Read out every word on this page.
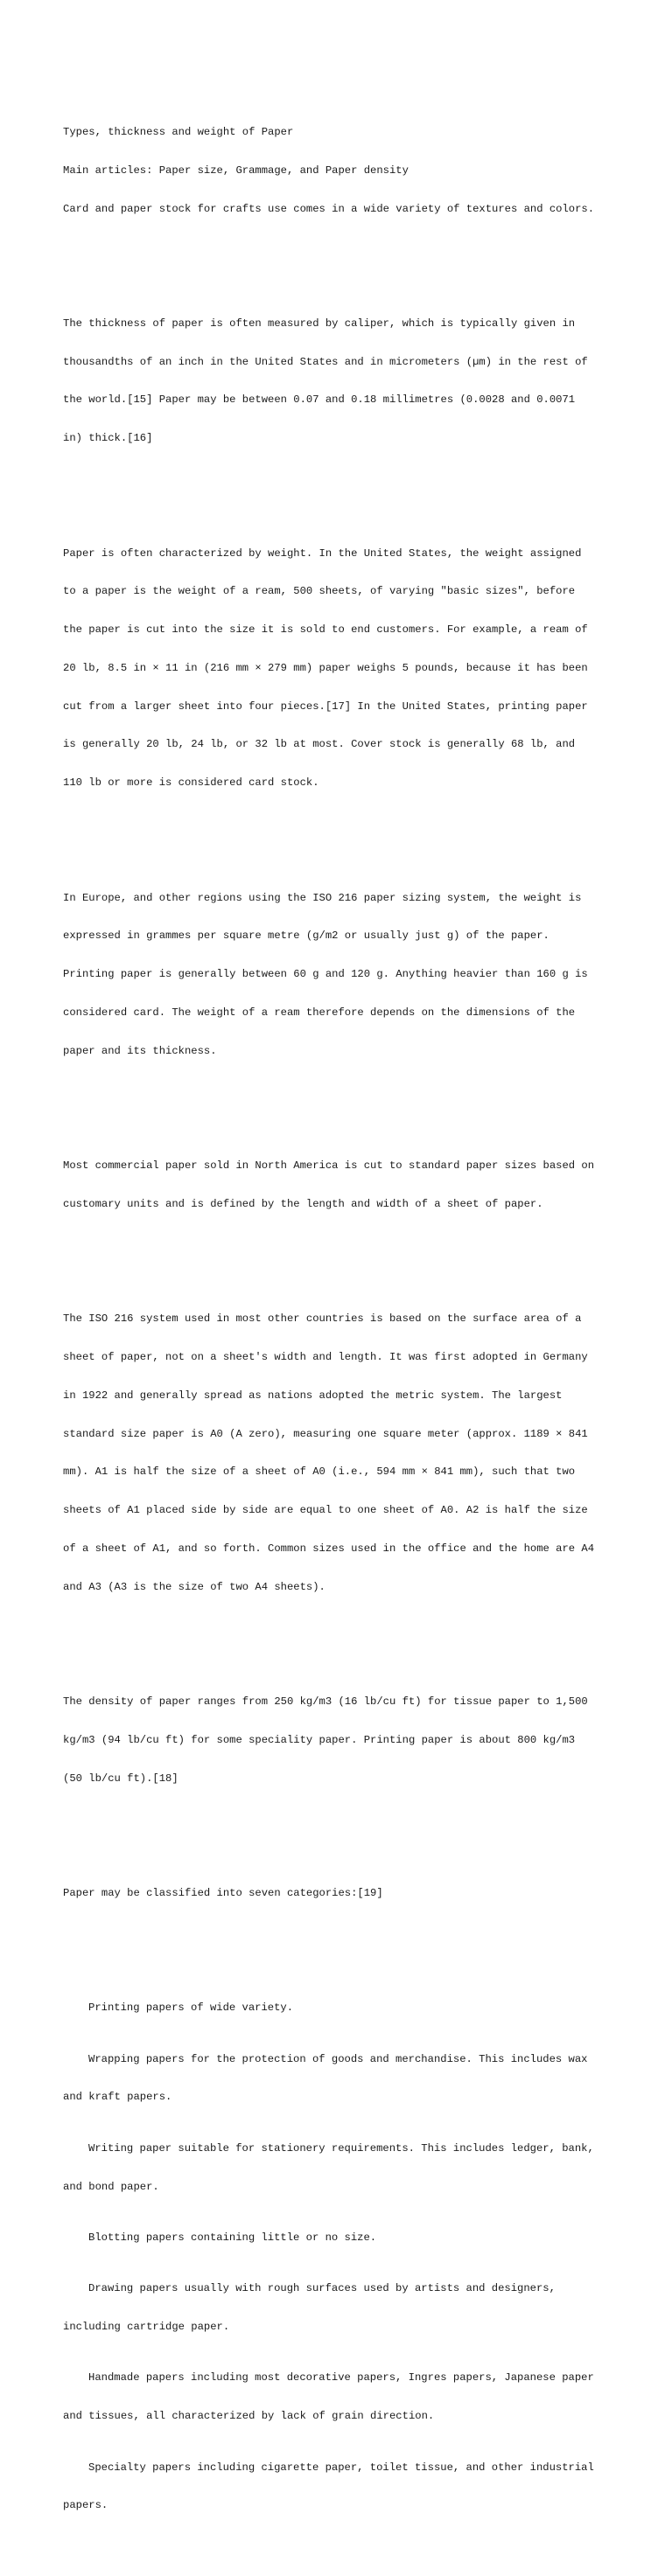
Types, thickness and weight of Paper

Main articles: Paper size, Grammage, and Paper density

Card and paper stock for crafts use comes in a wide variety of textures and colors.

The thickness of paper is often measured by caliper, which is typically given in

thousandths of an inch in the United States and in micrometers (µm) in the rest of

the world.[15] Paper may be between 0.07 and 0.18 millimetres (0.0028 and 0.0071

in) thick.[16]

Paper is often characterized by weight. In the United States, the weight assigned

to a paper is the weight of a ream, 500 sheets, of varying "basic sizes", before

the paper is cut into the size it is sold to end customers. For example, a ream of

20 lb, 8.5 in × 11 in (216 mm × 279 mm) paper weighs 5 pounds, because it has been

cut from a larger sheet into four pieces.[17] In the United States, printing paper

is generally 20 lb, 24 lb, or 32 lb at most. Cover stock is generally 68 lb, and

110 lb or more is considered card stock.

In Europe, and other regions using the ISO 216 paper sizing system, the weight is

expressed in grammes per square metre (g/m2 or usually just g) of the paper.

Printing paper is generally between 60 g and 120 g. Anything heavier than 160 g is

considered card. The weight of a ream therefore depends on the dimensions of the

paper and its thickness.

Most commercial paper sold in North America is cut to standard paper sizes based on

customary units and is defined by the length and width of a sheet of paper.

The ISO 216 system used in most other countries is based on the surface area of a

sheet of paper, not on a sheet's width and length. It was first adopted in Germany

in 1922 and generally spread as nations adopted the metric system. The largest

standard size paper is A0 (A zero), measuring one square meter (approx. 1189 × 841

mm). A1 is half the size of a sheet of A0 (i.e., 594 mm × 841 mm), such that two

sheets of A1 placed side by side are equal to one sheet of A0. A2 is half the size

of a sheet of A1, and so forth. Common sizes used in the office and the home are A4

and A3 (A3 is the size of two A4 sheets).

The density of paper ranges from 250 kg/m3 (16 lb/cu ft) for tissue paper to 1,500

kg/m3 (94 lb/cu ft) for some speciality paper. Printing paper is about 800 kg/m3

(50 lb/cu ft).[18]

Paper may be classified into seven categories:[19]

Printing papers of wide variety.

Wrapping papers for the protection of goods and merchandise. This includes wax

and kraft papers.

Writing paper suitable for stationery requirements. This includes ledger, bank,

and bond paper.

Blotting papers containing little or no size.

Drawing papers usually with rough surfaces used by artists and designers,

including cartridge paper.

Handmade papers including most decorative papers, Ingres papers, Japanese paper

and tissues, all characterized by lack of grain direction.

Specialty papers including cigarette paper, toilet tissue, and other industrial

papers.
